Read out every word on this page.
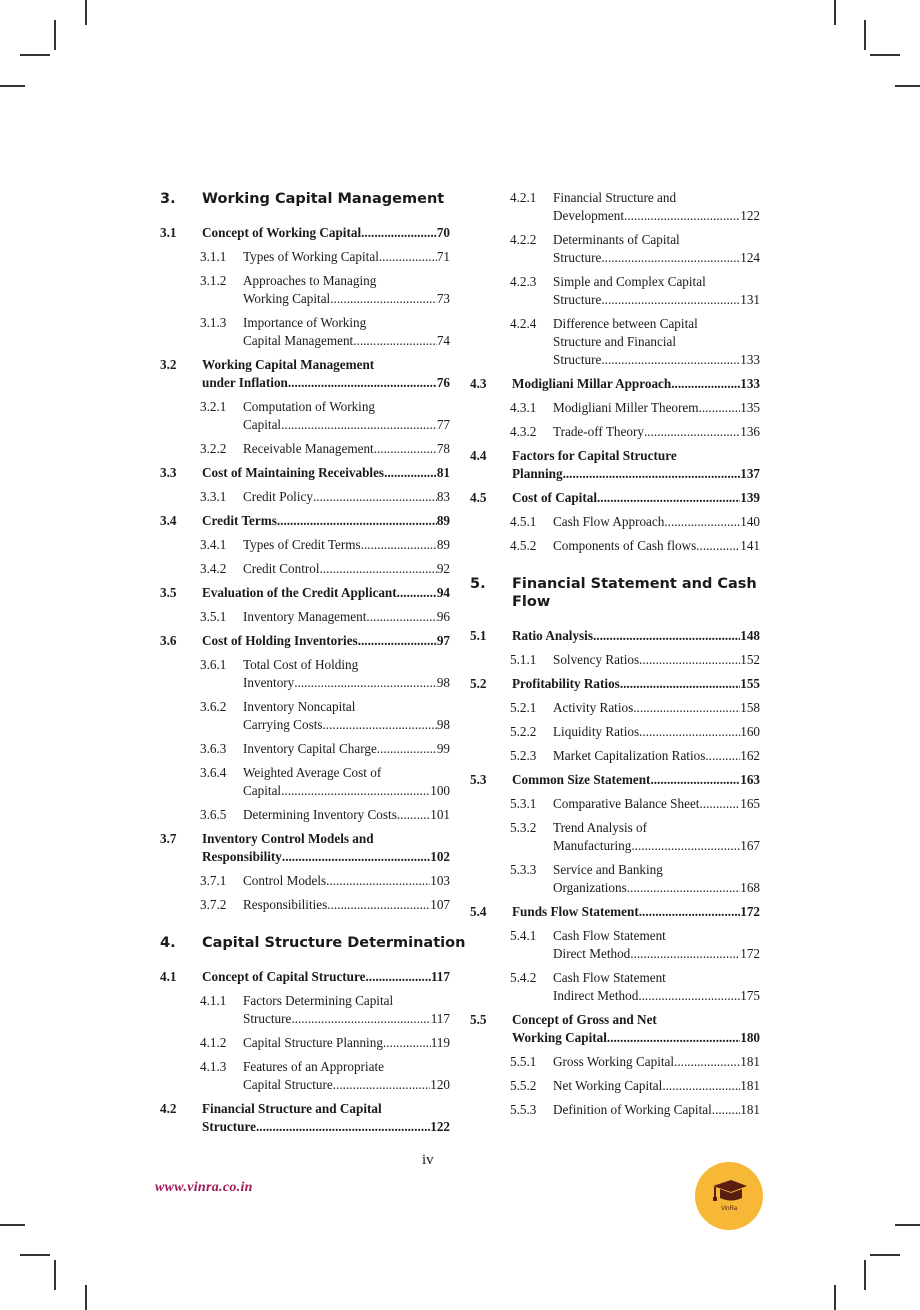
3. Working Capital Management
3.1 Concept of Working Capital .....	70
3.1.1 Types of Working Capital .....	71
3.1.2 Approaches to Managing
Working Capital .....	73
3.1.3 Importance of Working
Capital Management .....	74
3.2 Working Capital Management
under Inflation .....	76
3.2.1 Computation of Working
Capital .....	77
3.2.2 Receivable Management .....	78
3.3 Cost of Maintaining Receivables .....	81
3.3.1 Credit Policy .....	83
3.4 Credit Terms .....	89
3.4.1 Types of Credit Terms .....	89
3.4.2 Credit Control .....	92
3.5 Evaluation of the Credit Applicant .....	94
3.5.1 Inventory Management .....	96
3.6 Cost of Holding Inventories .....	97
3.6.1 Total Cost of Holding
Inventory .....	98
3.6.2 Inventory Noncapital
Carrying Costs .....	98
3.6.3 Inventory Capital Charge .....	99
3.6.4 Weighted Average Cost of
Capital .....	100
3.6.5 Determining Inventory Costs .....	101
3.7 Inventory Control Models and
Responsibility .....	102
3.7.1 Control Models .....	103
3.7.2 Responsibilities .....	107
4. Capital Structure Determination
4.1 Concept of Capital Structure .....	117
4.1.1 Factors Determining Capital
Structure .....	117
4.1.2 Capital Structure Planning .....	119
4.1.3 Features of an Appropriate
Capital Structure .....	120
4.2 Financial Structure and Capital
Structure .....	122
4.2.1 Financial Structure and
Development .....	122
4.2.2 Determinants of Capital
Structure .....	124
4.2.3 Simple and Complex Capital
Structure .....	131
4.2.4 Difference between Capital
Structure and Financial
Structure .....	133
4.3 Modigliani Millar Approach .....	133
4.3.1 Modigliani Miller Theorem .....	135
4.3.2 Trade-off Theory .....	136
4.4 Factors for Capital Structure
Planning .....	137
4.5 Cost of Capital .....	139
4.5.1 Cash Flow Approach .....	140
4.5.2 Components of Cash flows .....	141
5. Financial Statement and Cash
Flow
5.1 Ratio Analysis .....	148
5.1.1 Solvency Ratios .....	152
5.2 Profitability Ratios .....	155
5.2.1 Activity Ratios .....	158
5.2.2 Liquidity Ratios .....	160
5.2.3 Market Capitalization Ratios .....	162
5.3 Common Size Statement .....	163
5.3.1 Comparative Balance Sheet .....	165
5.3.2 Trend Analysis of
Manufacturing .....	167
5.3.3 Service and Banking
Organizations .....	168
5.4 Funds Flow Statement .....	172
5.4.1 Cash Flow Statement
Direct Method .....	172
5.4.2 Cash Flow Statement
Indirect Method .....	175
5.5 Concept of Gross and Net
Working Capital .....	180
5.5.1 Gross Working Capital .....	181
5.5.2 Net Working Capital .....	181
5.5.3 Definition of Working Capital ..... 181
iv
www.vinra.co.in
VinRa
